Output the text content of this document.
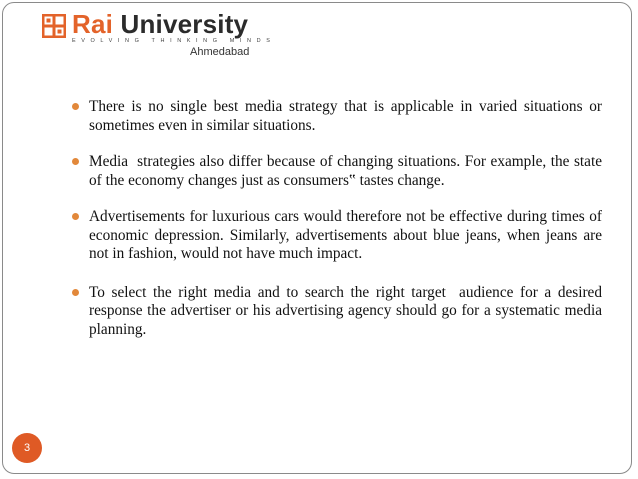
Rai University
EVOLVING THINKING MINDS
Ahmedabad
There is no single best media strategy that is applicable in varied situations or sometimes even in similar situations.
Media  strategies also differ because of changing situations. For example, the state of the economy changes just as consumers‟ tastes change.
Advertisements for luxurious cars would therefore not be effective during times of economic depression. Similarly, advertisements about blue jeans, when jeans are not in fashion, would not have much impact.
To select the right media and to search the right target  audience for a desired response the advertiser or his advertising agency should go for a systematic media planning.
3
